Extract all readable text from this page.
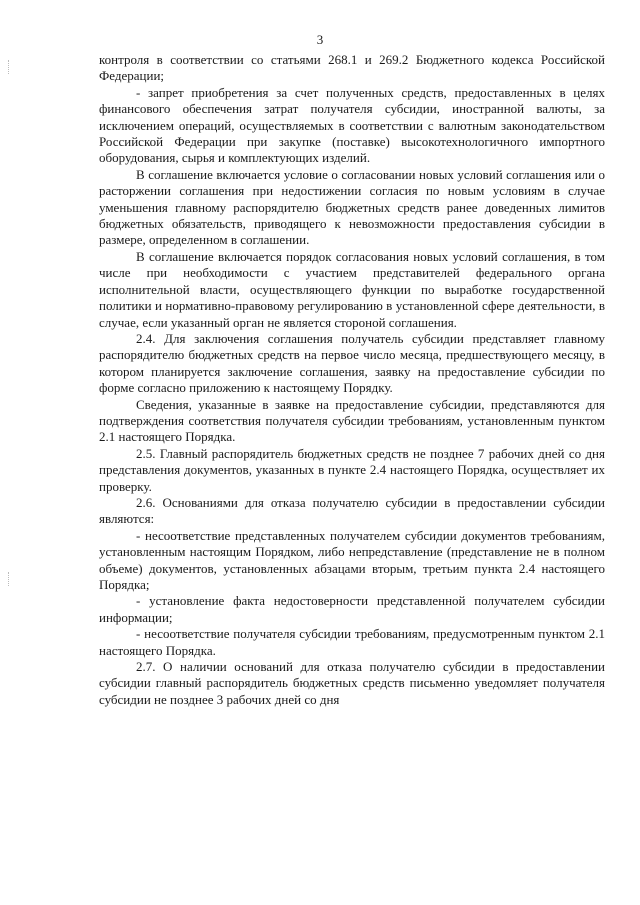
3

контроля в соответствии со статьями 268.1 и 269.2 Бюджетного кодекса Российской Федерации;

- запрет приобретения за счет полученных средств, предоставленных в целях финансового обеспечения затрат получателя субсидии, иностранной валюты, за исключением операций, осуществляемых в соответствии с валютным законодательством Российской Федерации при закупке (поставке) высокотехнологичного импортного оборудования, сырья и комплектующих изделий.

В соглашение включается условие о согласовании новых условий соглашения или о расторжении соглашения при недостижении согласия по новым условиям в случае уменьшения главному распорядителю бюджетных средств ранее доведенных лимитов бюджетных обязательств, приводящего к невозможности предоставления субсидии в размере, определенном в соглашении.

В соглашение включается порядок согласования новых условий соглашения, в том числе при необходимости с участием представителей федерального органа исполнительной власти, осуществляющего функции по выработке государственной политики и нормативно-правовому регулированию в установленной сфере деятельности, в случае, если указанный орган не является стороной соглашения.

2.4. Для заключения соглашения получатель субсидии представляет главному распорядителю бюджетных средств на первое число месяца, предшествующего месяцу, в котором планируется заключение соглашения, заявку на предоставление субсидии по форме согласно приложению к настоящему Порядку.

Сведения, указанные в заявке на предоставление субсидии, представляются для подтверждения соответствия получателя субсидии требованиям, установленным пунктом 2.1 настоящего Порядка.

2.5. Главный распорядитель бюджетных средств не позднее 7 рабочих дней со дня представления документов, указанных в пункте 2.4 настоящего Порядка, осуществляет их проверку.

2.6. Основаниями для отказа получателю субсидии в предоставлении субсидии являются:

- несоответствие представленных получателем субсидии документов требованиям, установленным настоящим Порядком, либо непредставление (представление не в полном объеме) документов, установленных абзацами вторым, третьим пункта 2.4 настоящего Порядка;

- установление факта недостоверности представленной получателем субсидии информации;

- несоответствие получателя субсидии требованиям, предусмотренным пунктом 2.1 настоящего Порядка.

2.7. О наличии оснований для отказа получателю субсидии в предоставлении субсидии главный распорядитель бюджетных средств письменно уведомляет получателя субсидии не позднее 3 рабочих дней со дня
